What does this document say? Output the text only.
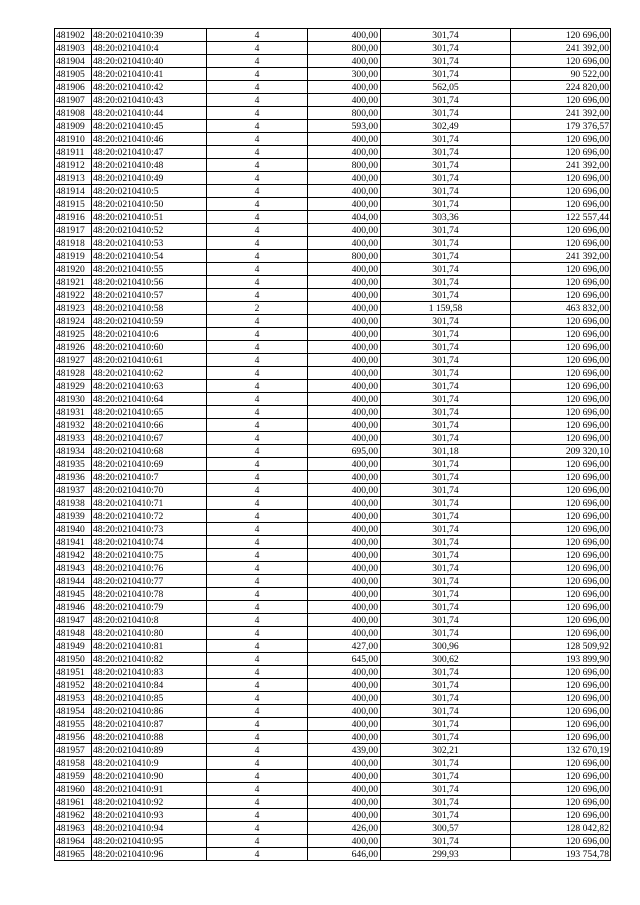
481902	48:20:0210410:39	4	400,00	301,74	120 696,00
481903	48:20:0210410:4	4	800,00	301,74	241 392,00
481904	48:20:0210410:40	4	400,00	301,74	120 696,00
481905	48:20:0210410:41	4	300,00	301,74	90 522,00
481906	48:20:0210410:42	4	400,00	562,05	224 820,00
481907	48:20:0210410:43	4	400,00	301,74	120 696,00
481908	48:20:0210410:44	4	800,00	301,74	241 392,00
481909	48:20:0210410:45	4	593,00	302,49	179 376,57
481910	48:20:0210410:46	4	400,00	301,74	120 696,00
481911	48:20:0210410:47	4	400,00	301,74	120 696,00
481912	48:20:0210410:48	4	800,00	301,74	241 392,00
481913	48:20:0210410:49	4	400,00	301,74	120 696,00
481914	48:20:0210410:5	4	400,00	301,74	120 696,00
481915	48:20:0210410:50	4	400,00	301,74	120 696,00
481916	48:20:0210410:51	4	404,00	303,36	122 557,44
481917	48:20:0210410:52	4	400,00	301,74	120 696,00
481918	48:20:0210410:53	4	400,00	301,74	120 696,00
481919	48:20:0210410:54	4	800,00	301,74	241 392,00
481920	48:20:0210410:55	4	400,00	301,74	120 696,00
481921	48:20:0210410:56	4	400,00	301,74	120 696,00
481922	48:20:0210410:57	4	400,00	301,74	120 696,00
481923	48:20:0210410:58	2	400,00	1 159,58	463 832,00
481924	48:20:0210410:59	4	400,00	301,74	120 696,00
481925	48:20:0210410:6	4	400,00	301,74	120 696,00
481926	48:20:0210410:60	4	400,00	301,74	120 696,00
481927	48:20:0210410:61	4	400,00	301,74	120 696,00
481928	48:20:0210410:62	4	400,00	301,74	120 696,00
481929	48:20:0210410:63	4	400,00	301,74	120 696,00
481930	48:20:0210410:64	4	400,00	301,74	120 696,00
481931	48:20:0210410:65	4	400,00	301,74	120 696,00
481932	48:20:0210410:66	4	400,00	301,74	120 696,00
481933	48:20:0210410:67	4	400,00	301,74	120 696,00
481934	48:20:0210410:68	4	695,00	301,18	209 320,10
481935	48:20:0210410:69	4	400,00	301,74	120 696,00
481936	48:20:0210410:7	4	400,00	301,74	120 696,00
481937	48:20:0210410:70	4	400,00	301,74	120 696,00
481938	48:20:0210410:71	4	400,00	301,74	120 696,00
481939	48:20:0210410:72	4	400,00	301,74	120 696,00
481940	48:20:0210410:73	4	400,00	301,74	120 696,00
481941	48:20:0210410:74	4	400,00	301,74	120 696,00
481942	48:20:0210410:75	4	400,00	301,74	120 696,00
481943	48:20:0210410:76	4	400,00	301,74	120 696,00
481944	48:20:0210410:77	4	400,00	301,74	120 696,00
481945	48:20:0210410:78	4	400,00	301,74	120 696,00
481946	48:20:0210410:79	4	400,00	301,74	120 696,00
481947	48:20:0210410:8	4	400,00	301,74	120 696,00
481948	48:20:0210410:80	4	400,00	301,74	120 696,00
481949	48:20:0210410:81	4	427,00	300,96	128 509,92
481950	48:20:0210410:82	4	645,00	300,62	193 899,90
481951	48:20:0210410:83	4	400,00	301,74	120 696,00
481952	48:20:0210410:84	4	400,00	301,74	120 696,00
481953	48:20:0210410:85	4	400,00	301,74	120 696,00
481954	48:20:0210410:86	4	400,00	301,74	120 696,00
481955	48:20:0210410:87	4	400,00	301,74	120 696,00
481956	48:20:0210410:88	4	400,00	301,74	120 696,00
481957	48:20:0210410:89	4	439,00	302,21	132 670,19
481958	48:20:0210410:9	4	400,00	301,74	120 696,00
481959	48:20:0210410:90	4	400,00	301,74	120 696,00
481960	48:20:0210410:91	4	400,00	301,74	120 696,00
481961	48:20:0210410:92	4	400,00	301,74	120 696,00
481962	48:20:0210410:93	4	400,00	301,74	120 696,00
481963	48:20:0210410:94	4	426,00	300,57	128 042,82
481964	48:20:0210410:95	4	400,00	301,74	120 696,00
481965	48:20:0210410:96	4	646,00	299,93	193 754,78
